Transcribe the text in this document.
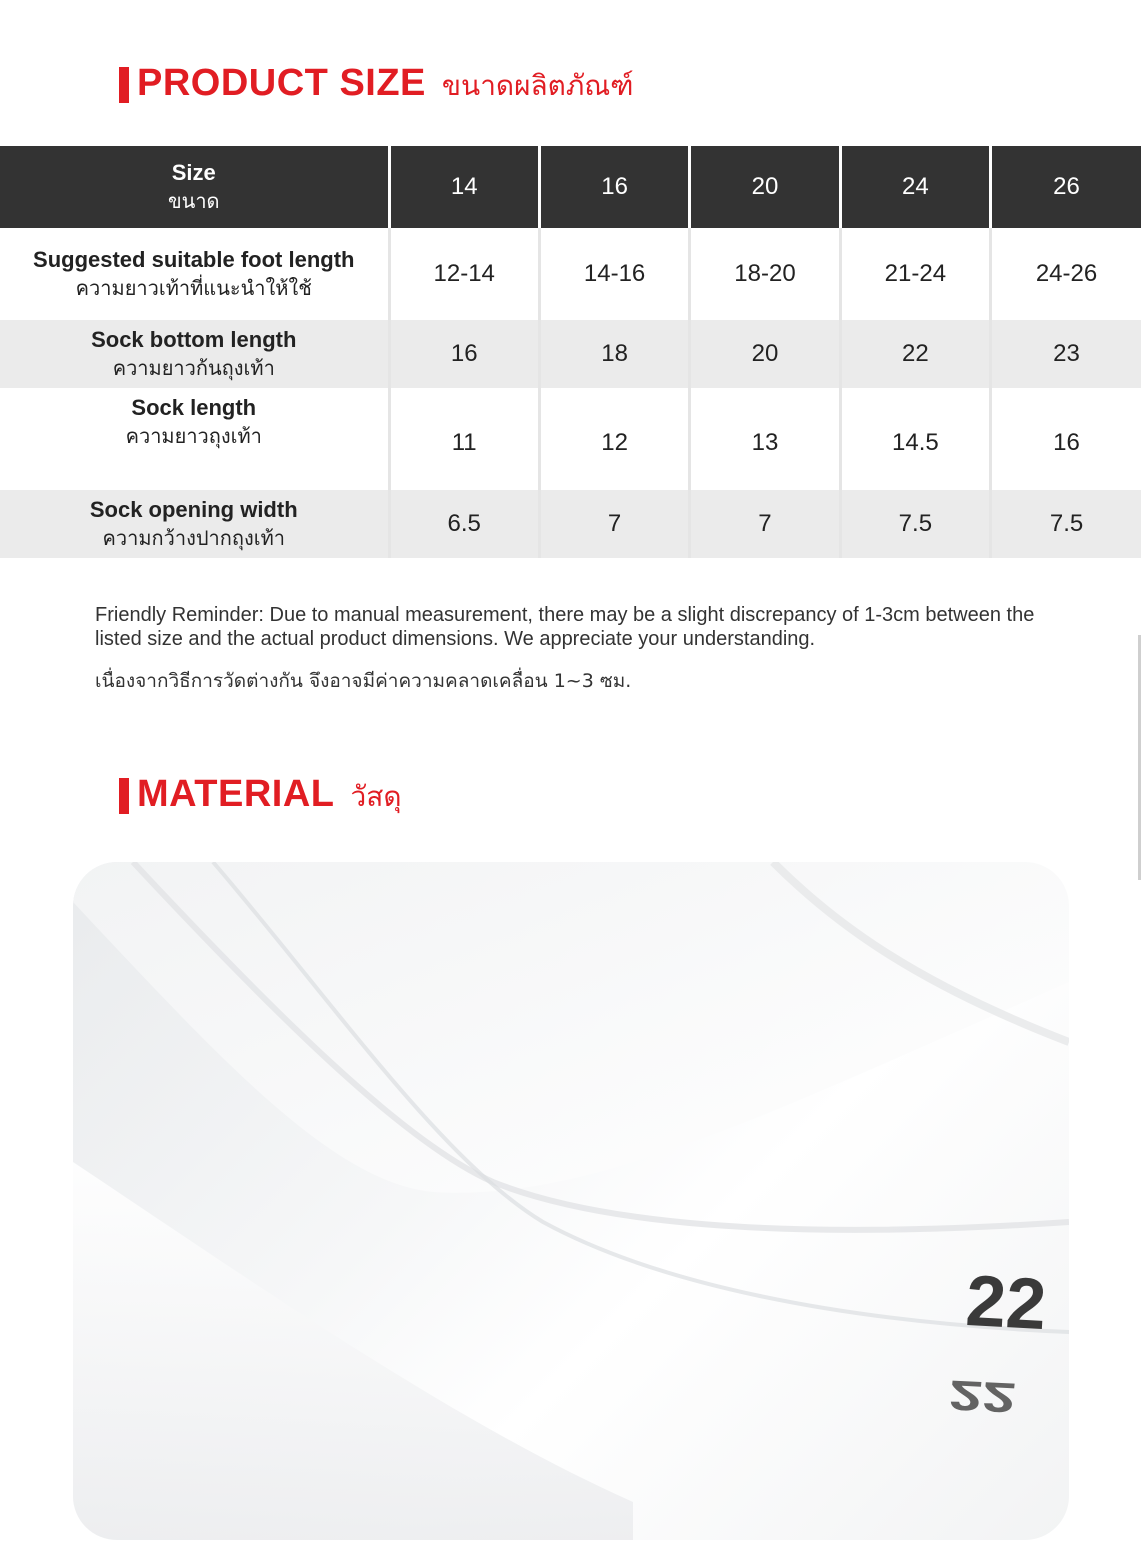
PRODUCT SIZE ขนาดผลิตภัณฑ์
Size
ขนาด	14	16	20	24	26

Suggested suitable foot length
ความยาวเท้าที่แนะนำให้ใช้	12-14	14-16	18-20	21-24	24-26

Sock bottom length
ความยาวก้นถุงเท้า	16	18	20	22	23

Sock length
ความยาวถุงเท้า	11	12	13	14.5	16

Sock opening width
ความกว้างปากถุงเท้า	6.5	7	7	7.5	7.5
Friendly Reminder: Due to manual measurement, there may be a slight discrepancy of 1-3cm between the listed size and the actual product dimensions. We appreciate your understanding.
เนื่องจากวิธีการวัดต่างกัน จึงอาจมีค่าความคลาดเคลื่อน 1~3 ซม.
MATERIAL วัสดุ
22
22
